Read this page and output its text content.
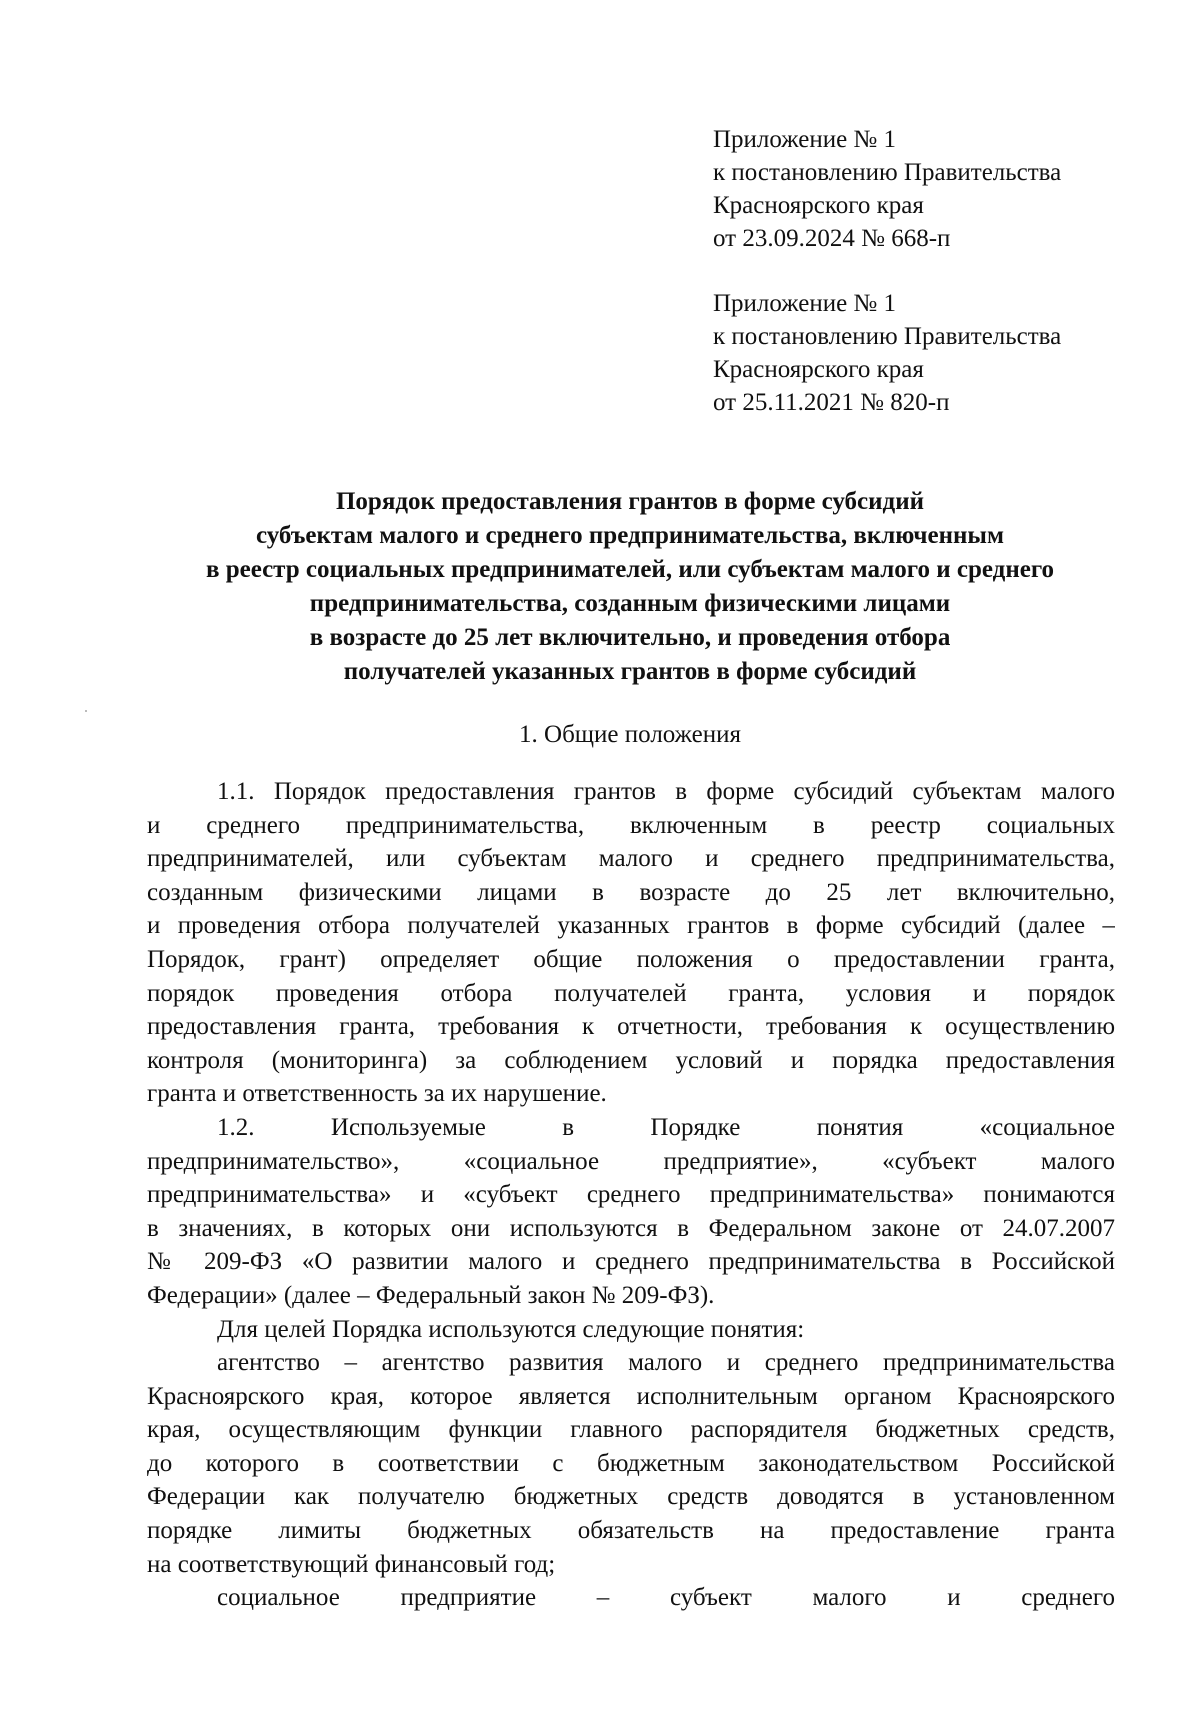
Приложение № 1
к постановлению Правительства
Красноярского края
от 23.09.2024 № 668-п
Приложение № 1
к постановлению Правительства
Красноярского края
от 25.11.2021 № 820-п
Порядок предоставления грантов в форме субсидий
субъектам малого и среднего предпринимательства, включенным
в реестр социальных предпринимателей, или субъектам малого и среднего
предпринимательства, созданным физическими лицами
в возрасте до 25 лет включительно, и проведения отбора
получателей указанных грантов в форме субсидий
1. Общие положения
1.1. Порядок предоставления грантов в форме субсидий субъектам малого
и среднего предпринимательства, включенным в реестр социальных
предпринимателей, или субъектам малого и среднего предпринимательства,
созданным физическими лицами в возрасте до 25 лет включительно,
и проведения отбора получателей указанных грантов в форме субсидий (далее –
Порядок, грант) определяет общие положения о предоставлении гранта,
порядок проведения отбора получателей гранта, условия и порядок
предоставления гранта, требования к отчетности, требования к осуществлению
контроля (мониторинга) за соблюдением условий и порядка предоставления
гранта и ответственность за их нарушение.
1.2. Используемые в Порядке понятия «социальное
предпринимательство», «социальное предприятие», «субъект малого
предпринимательства» и «субъект среднего предпринимательства» понимаются
в значениях, в которых они используются в Федеральном законе от 24.07.2007
№ 209-ФЗ «О развитии малого и среднего предпринимательства в Российской
Федерации» (далее – Федеральный закон № 209-ФЗ).
Для целей Порядка используются следующие понятия:
агентство – агентство развития малого и среднего предпринимательства
Красноярского края, которое является исполнительным органом Красноярского
края, осуществляющим функции главного распорядителя бюджетных средств,
до которого в соответствии с бюджетным законодательством Российской
Федерации как получателю бюджетных средств доводятся в установленном
порядке лимиты бюджетных обязательств на предоставление гранта
на соответствующий финансовый год;
социальное предприятие – субъект малого и среднего
